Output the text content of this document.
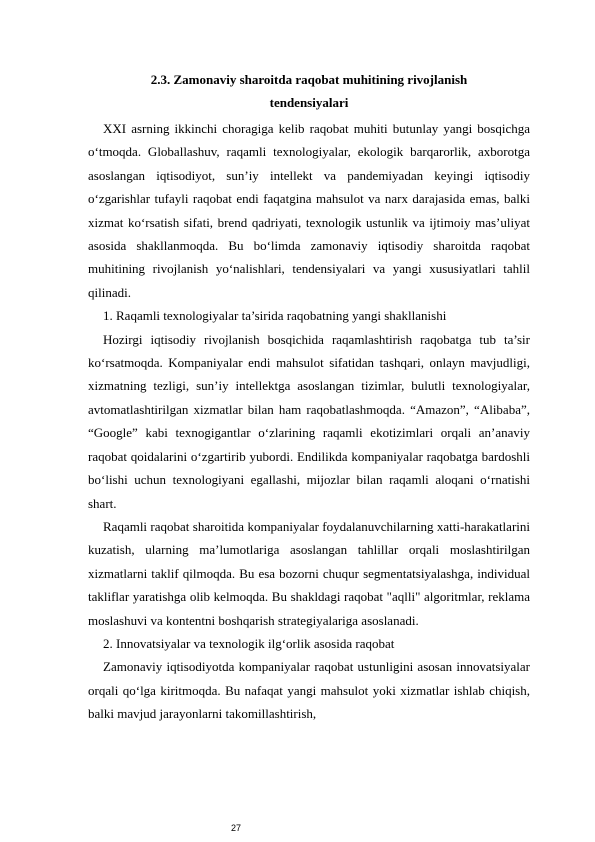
2.3. Zamonaviy sharoitda raqobat muhitining rivojlanish
tendensiyalari

XXI asrning ikkinchi choragiga kelib raqobat muhiti butunlay yangi bosqichga o‘tmoqda. Globallashuv, raqamli texnologiyalar, ekologik barqarorlik, axborotga asoslangan iqtisodiyot, sun’iy intellekt va pandemiyadan keyingi iqtisodiy o‘zgarishlar tufayli raqobat endi faqatgina mahsulot va narx darajasida emas, balki xizmat ko‘rsatish sifati, brend qadriyati, texnologik ustunlik va ijtimoiy mas’uliyat asosida shakllanmoqda. Bu bo‘limda zamonaviy iqtisodiy sharoitda raqobat muhitining rivojlanish yo‘nalishlari, tendensiyalari va yangi xususiyatlari tahlil qilinadi.

1. Raqamli texnologiyalar ta’sirida raqobatning yangi shakllanishi

Hozirgi iqtisodiy rivojlanish bosqichida raqamlashtirish raqobatga tub ta’sir ko‘rsatmoqda. Kompaniyalar endi mahsulot sifatidan tashqari, onlayn mavjudligi, xizmatning tezligi, sun’iy intellektga asoslangan tizimlar, bulutli texnologiyalar, avtomatlashtirilgan xizmatlar bilan ham raqobatlashmoqda. “Amazon”, “Alibaba”, “Google” kabi texnogigantlar o‘zlarining raqamli ekotizimlari orqali an’anaviy raqobat qoidalarini o‘zgartirib yubordi. Endilikda kompaniyalar raqobatga bardoshli bo‘lishi uchun texnologiyani egallashi, mijozlar bilan raqamli aloqani o‘rnatishi shart.

Raqamli raqobat sharoitida kompaniyalar foydalanuvchilarning xatti-harakatlarini kuzatish, ularning ma’lumotlariga asoslangan tahlillar orqali moslashtirilgan xizmatlarni taklif qilmoqda. Bu esa bozorni chuqur segmentatsiyalashga, individual takliflar yaratishga olib kelmoqda. Bu shakldagi raqobat "aqlli" algoritmlar, reklama moslashuvi va kontentni boshqarish strategiyalariga asoslanadi.

2. Innovatsiyalar va texnologik ilg‘orlik asosida raqobat

Zamonaviy iqtisodiyotda kompaniyalar raqobat ustunligini asosan innovatsiyalar orqali qo‘lga kiritmoqda. Bu nafaqat yangi mahsulot yoki xizmatlar ishlab chiqish, balki mavjud jarayonlarni takomillashtirish,

27
